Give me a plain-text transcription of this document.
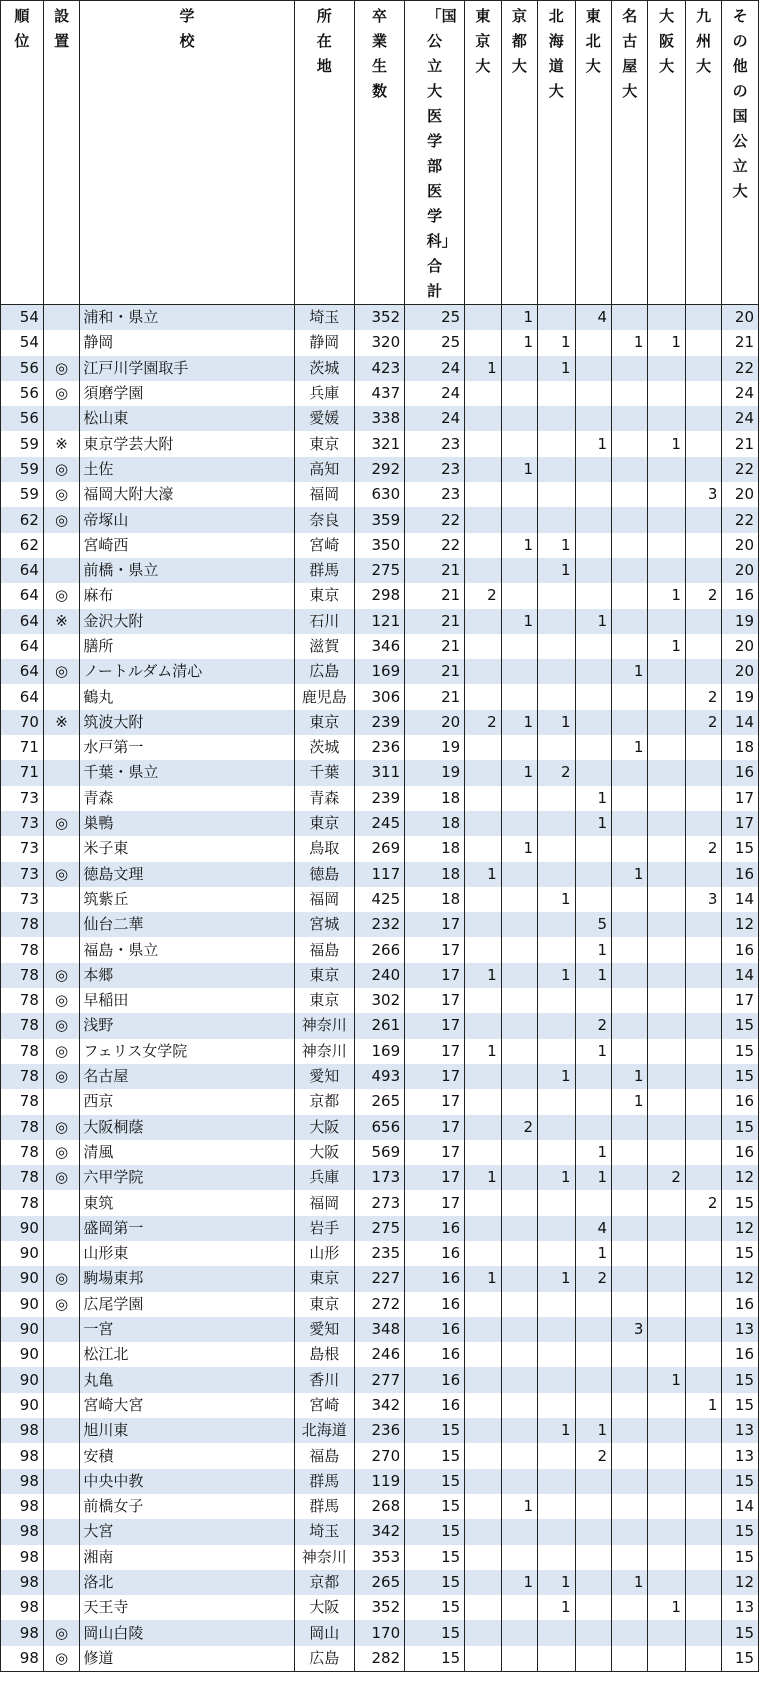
順位	設置	学校	所在地	卒業生数	「国公立大医学部医学科」合計	東京大	京都大	北海道大	東北大	名古屋大	大阪大	九州大	その他の国公立大
54		浦和・県立	埼玉	352	25		1		4				20
54		静岡	静岡	320	25		1	1		1	1		21
56	◎	江戸川学園取手	茨城	423	24	1		1					22
56	◎	須磨学園	兵庫	437	24								24
56		松山東	愛媛	338	24								24
59	※	東京学芸大附	東京	321	23				1		1		21
59	◎	土佐	高知	292	23		1						22
59	◎	福岡大附大濠	福岡	630	23							3	20
62	◎	帝塚山	奈良	359	22								22
62		宮崎西	宮崎	350	22		1	1					20
64		前橋・県立	群馬	275	21			1					20
64	◎	麻布	東京	298	21	2					1	2	16
64	※	金沢大附	石川	121	21		1		1				19
64		膳所	滋賀	346	21						1		20
64	◎	ノートルダム清心	広島	169	21					1			20
64		鶴丸	鹿児島	306	21							2	19
70	※	筑波大附	東京	239	20	2	1	1				2	14
71		水戸第一	茨城	236	19					1			18
71		千葉・県立	千葉	311	19		1	2					16
73		青森	青森	239	18				1				17
73	◎	巣鴨	東京	245	18				1				17
73		米子東	鳥取	269	18		1					2	15
73	◎	徳島文理	徳島	117	18	1				1			16
73		筑紫丘	福岡	425	18			1				3	14
78		仙台二華	宮城	232	17				5				12
78		福島・県立	福島	266	17				1				16
78	◎	本郷	東京	240	17	1		1	1				14
78	◎	早稲田	東京	302	17								17
78	◎	浅野	神奈川	261	17				2				15
78	◎	フェリス女学院	神奈川	169	17	1			1				15
78	◎	名古屋	愛知	493	17			1		1			15
78		西京	京都	265	17					1			16
78	◎	大阪桐蔭	大阪	656	17		2						15
78	◎	清風	大阪	569	17				1				16
78	◎	六甲学院	兵庫	173	17	1		1	1		2		12
78		東筑	福岡	273	17							2	15
90		盛岡第一	岩手	275	16				4				12
90		山形東	山形	235	16				1				15
90	◎	駒場東邦	東京	227	16	1		1	2				12
90	◎	広尾学園	東京	272	16								16
90		一宮	愛知	348	16					3			13
90		松江北	島根	246	16								16
90		丸亀	香川	277	16						1		15
90		宮崎大宮	宮崎	342	16							1	15
98		旭川東	北海道	236	15			1	1				13
98		安積	福島	270	15				2				13
98		中央中教	群馬	119	15								15
98		前橋女子	群馬	268	15		1						14
98		大宮	埼玉	342	15								15
98		湘南	神奈川	353	15								15
98		洛北	京都	265	15		1	1		1			12
98		天王寺	大阪	352	15			1			1		13
98	◎	岡山白陵	岡山	170	15								15
98	◎	修道	広島	282	15								15
